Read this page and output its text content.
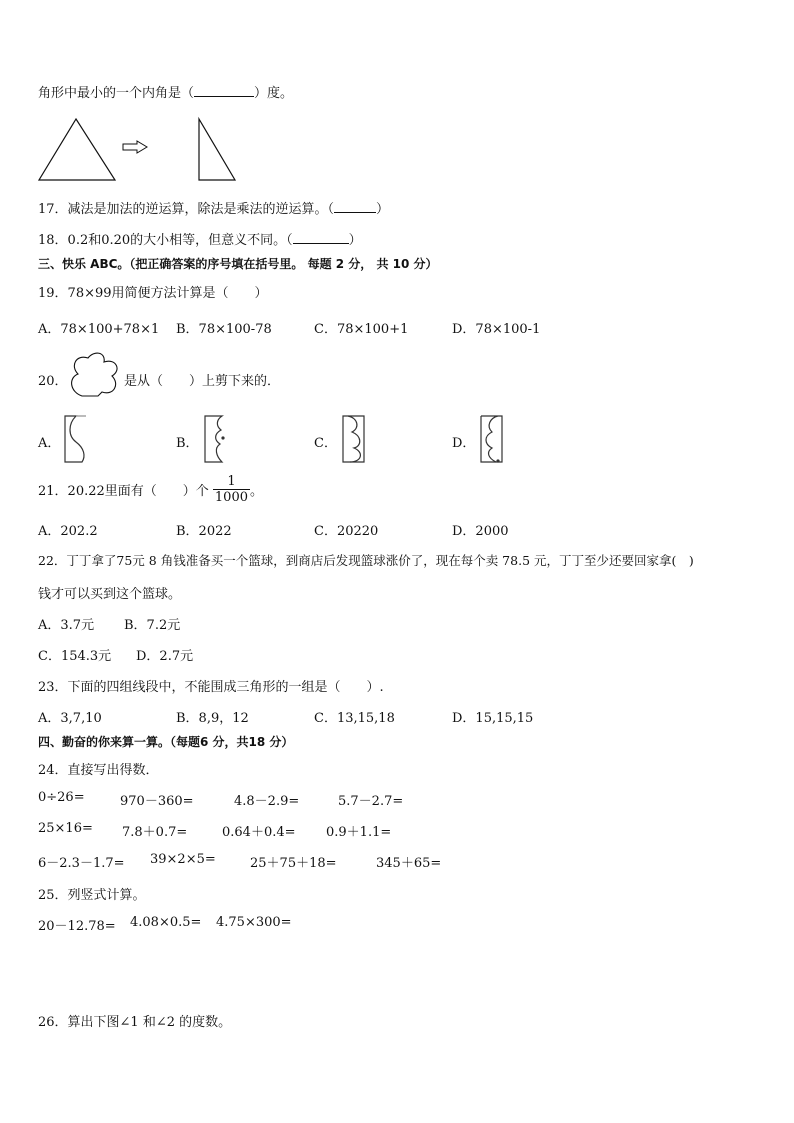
角形中最小的一个内角是（	）度。
17．减法是加法的逆运算，除法是乘法的逆运算。（	）
18．0.2和0.20的大小相等，但意义不同。（	）
三、快乐 ABC。（把正确答案的序号填在括号里。 每题 2 分， 共 10 分）
19．78×99用简便方法计算是（　　）
A．78×100+78×1 B．78×100-78	C．78×100+1	D．78×100-1
20．	是从（　　）上剪下来的．
A．	B．	C．	D．
21．20.22里面有（　　）个 $\frac{1}{1000}$ 。
A．202.2	B．2022	C．20220	D．2000
22．丁丁拿了75元 8 角钱准备买一个篮球，到商店后发现篮球涨价了，现在每个卖 78.5 元，丁丁至少还要回家拿(　)
钱才可以买到这个篮球。
A．3.7元 B．7.2元
C．154.3元 D．2.7元
23．下面的四组线段中，不能围成三角形的一组是（　　）.
A．3,7,10	B．8,9，12	C．13,15,18	D．15,15,15
四、勤奋的你来算一算。（每题6 分，共18 分）
24．直接写出得数．
0÷26=	970－360=	4.8－2.9=	5.7－2.7=
25×16= 7.8＋0.7=	0.64＋0.4= 0.9＋1.1=
6－2.3－1.7= 39×2×5=	25＋75＋18=	345＋65=
25．列竖式计算。
20－12.78= 4.08×0.5= 4.75×300=
26．算出下图∠1 和∠2 的度数。
